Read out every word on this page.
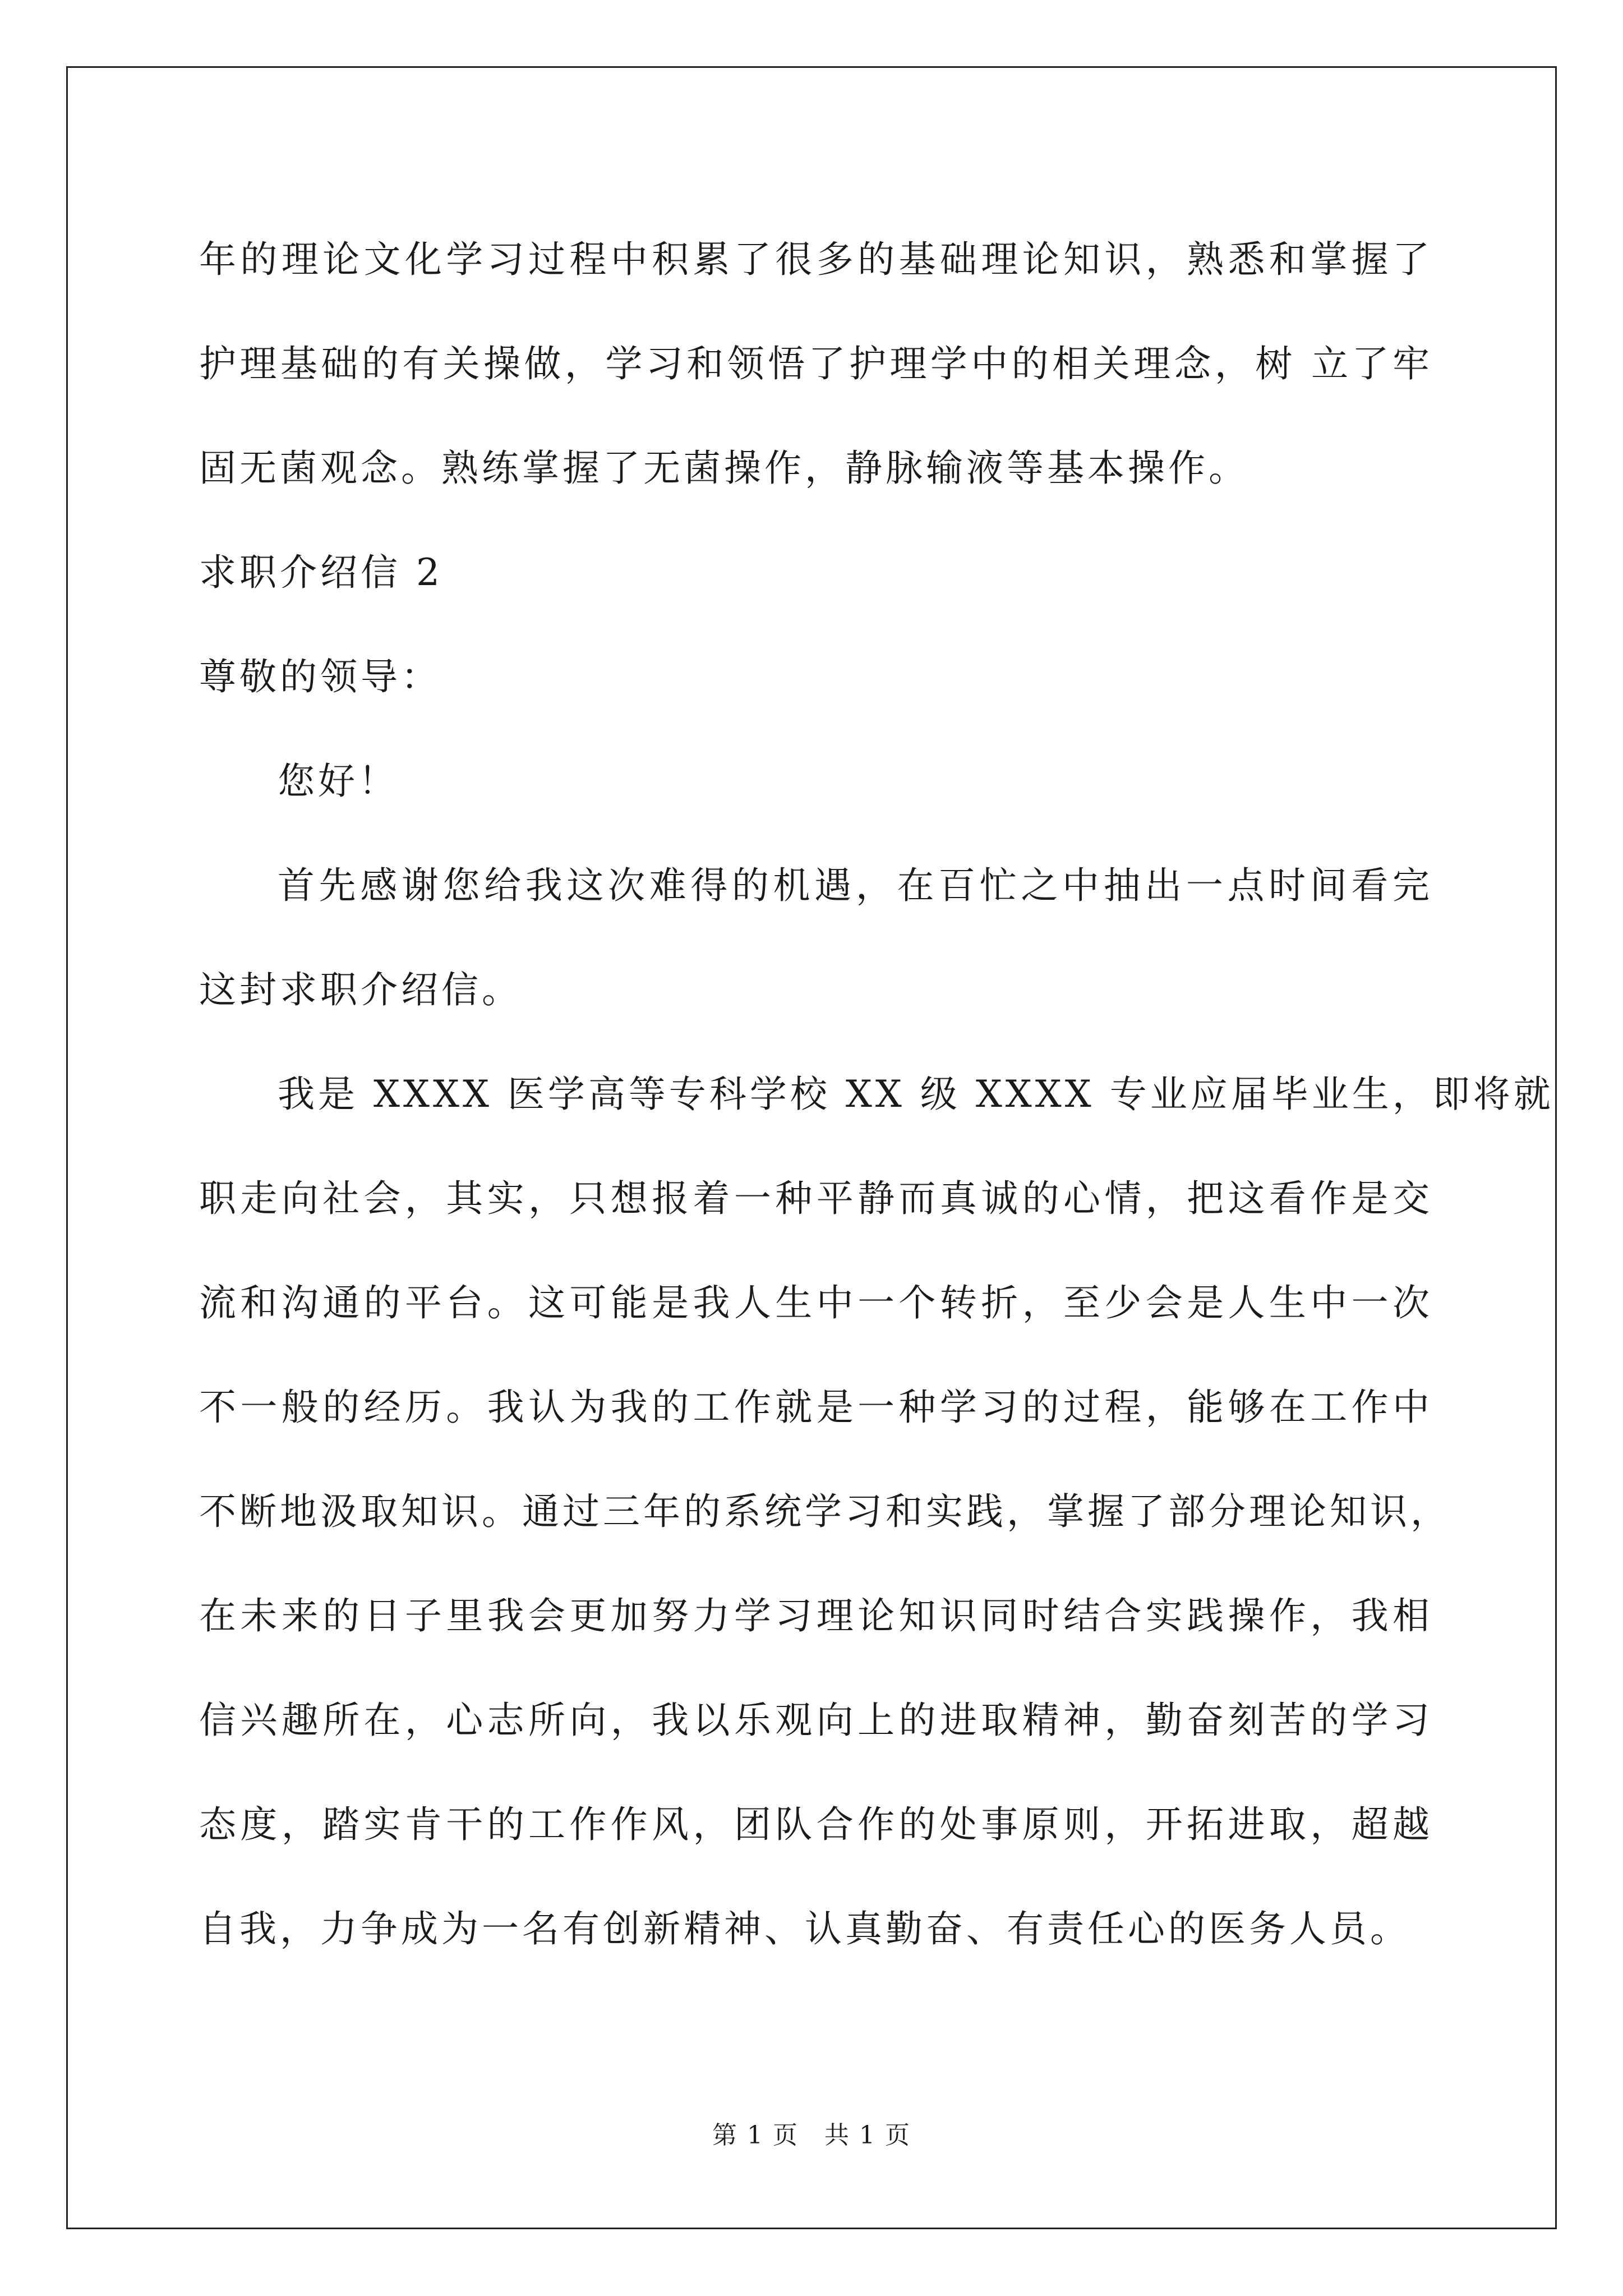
年的理论文化学习过程中积累了很多的基础理论知识，熟悉和掌握了
护理基础的有关操做，学习和领悟了护理学中的相关理念，树 立了牢
固无菌观念。熟练掌握了无菌操作，静脉输液等基本操作。
求职介绍信 2
尊敬的领导：
您好！
首先感谢您给我这次难得的机遇，在百忙之中抽出一点时间看完
这封求职介绍信。
我是 XXXX 医学高等专科学校 XX 级 XXXX 专业应届毕业生，即将就
职走向社会，其实，只想报着一种平静而真诚的心情，把这看作是交
流和沟通的平台。这可能是我人生中一个转折，至少会是人生中一次
不一般的经历。我认为我的工作就是一种学习的过程，能够在工作中
不断地汲取知识。通过三年的系统学习和实践，掌握了部分理论知识，
在未来的日子里我会更加努力学习理论知识同时结合实践操作，我相
信兴趣所在，心志所向，我以乐观向上的进取精神，勤奋刻苦的学习
态度，踏实肯干的工作作风，团队合作的处事原则，开拓进取，超越
自我，力争成为一名有创新精神、认真勤奋、有责任心的医务人员。
第 1 页　共 1 页
